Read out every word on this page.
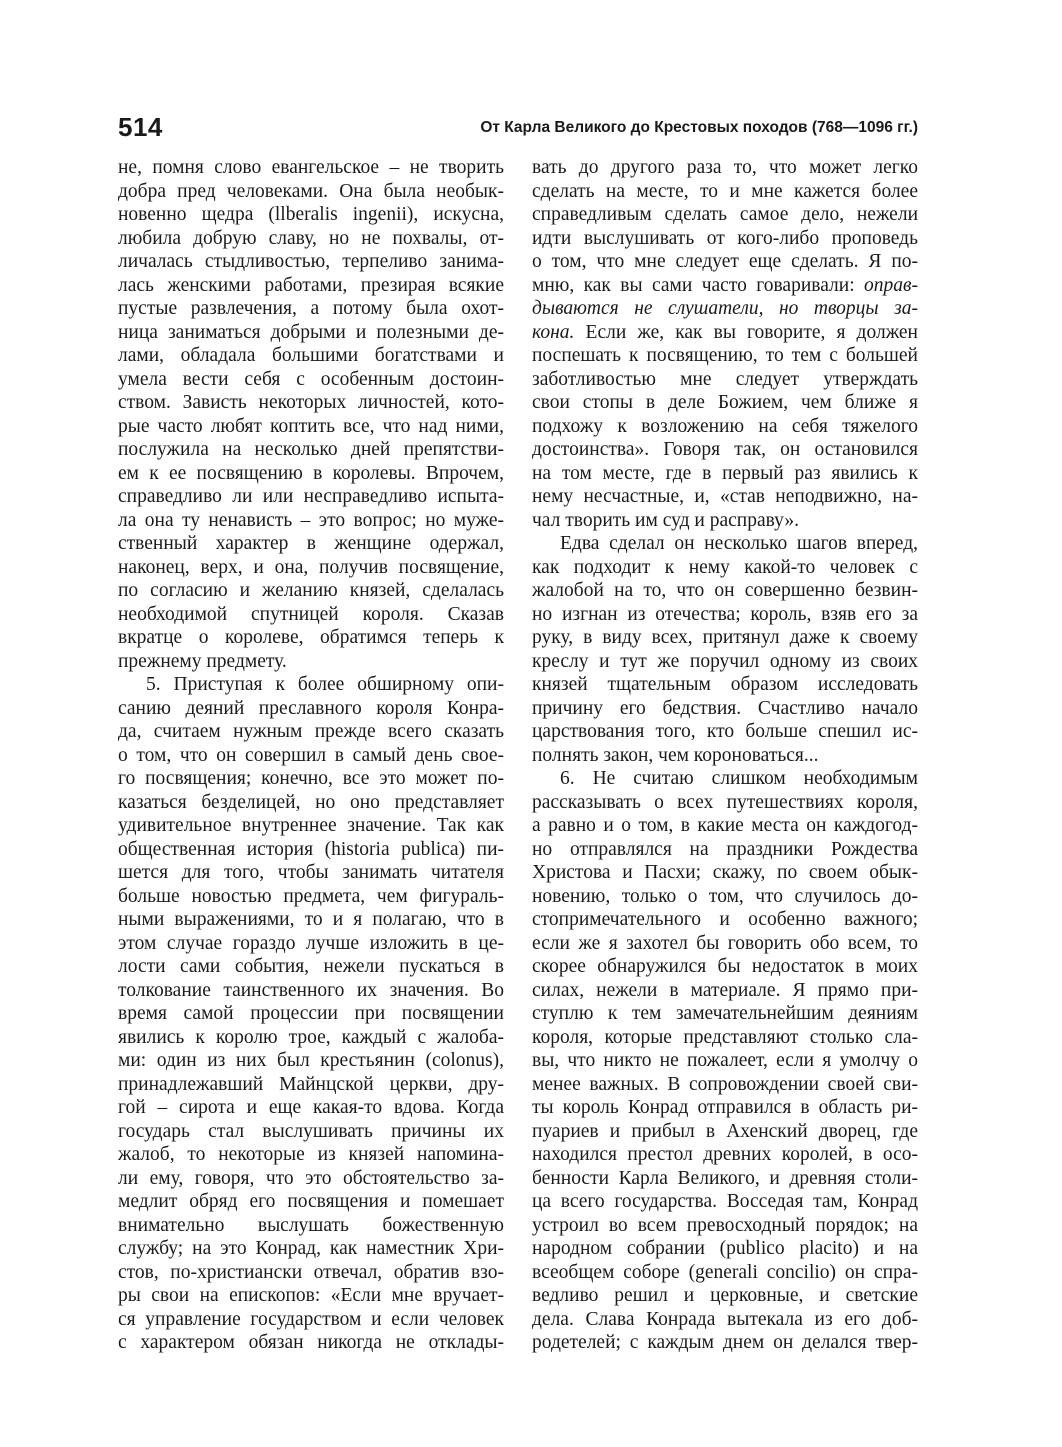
514	От Карла Великого до Крестовых походов (768—1096 гг.)
не, помня слово евангельское – не творить
добра пред человеками. Она была необык-
новенно щедра (llberalis ingenii), искусна,
любила добрую славу, но не похвалы, от-
личалась стыдливостью, терпеливо занима-
лась женскими работами, презирая всякие
пустые развлечения, а потому была охот-
ница заниматься добрыми и полезными де-
лами, обладала большими богатствами и
умела вести себя с особенным достоин-
ством. Зависть некоторых личностей, кото-
рые часто любят коптить все, что над ними,
послужила на несколько дней препятстви-
ем к ее посвящению в королевы. Впрочем,
справедливо ли или несправедливо испыта-
ла она ту ненависть – это вопрос; но муже-
ственный характер в женщине одержал,
наконец, верх, и она, получив посвящение,
по согласию и желанию князей, сделалась
необходимой спутницей короля. Сказав
вкратце о королеве, обратимся теперь к
прежнему предмету.
5. Приступая к более обширному опи-
санию деяний преславного короля Конра-
да, считаем нужным прежде всего сказать
о том, что он совершил в самый день свое-
го посвящения; конечно, все это может по-
казаться безделицей, но оно представляет
удивительное внутреннее значение. Так как
общественная история (historia publica) пи-
шется для того, чтобы занимать читателя
больше новостью предмета, чем фигураль-
ными выражениями, то и я полагаю, что в
этом случае гораздо лучше изложить в це-
лости сами события, нежели пускаться в
толкование таинственного их значения. Во
время самой процессии при посвящении
явились к королю трое, каждый с жалоба-
ми: один из них был крестьянин (colonus),
принадлежавший Майнцской церкви, дру-
гой – сирота и еще какая-то вдова. Когда
государь стал выслушивать причины их
жалоб, то некоторые из князей напомина-
ли ему, говоря, что это обстоятельство за-
медлит обряд его посвящения и помешает
внимательно выслушать божественную
службу; на это Конрад, как наместник Хри-
стов, по-христиански отвечал, обратив взо-
ры свои на епископов: «Если мне вручает-
ся управление государством и если человек
с характером обязан никогда не отклады-
вать до другого раза то, что может легко
сделать на месте, то и мне кажется более
справедливым сделать самое дело, нежели
идти выслушивать от кого-либо проповедь
о том, что мне следует еще сделать. Я по-
мню, как вы сами часто говаривали: оправ-
дываются не слушатели, но творцы за-
кона. Если же, как вы говорите, я должен
поспешать к посвящению, то тем с большей
заботливостью мне следует утверждать
свои стопы в деле Божием, чем ближе я
подхожу к возложению на себя тяжелого
достоинства». Говоря так, он остановился
на том месте, где в первый раз явились к
нему несчастные, и, «став неподвижно, на-
чал творить им суд и расправу».
Едва сделал он несколько шагов вперед,
как подходит к нему какой-то человек с
жалобой на то, что он совершенно безвин-
но изгнан из отечества; король, взяв его за
руку, в виду всех, притянул даже к своему
креслу и тут же поручил одному из своих
князей тщательным образом исследовать
причину его бедствия. Счастливо начало
царствования того, кто больше спешил ис-
полнять закон, чем короноваться...
6. Не считаю слишком необходимым
рассказывать о всех путешествиях короля,
а равно и о том, в какие места он каждогод-
но отправлялся на праздники Рождества
Христова и Пасхи; скажу, по своем обык-
новению, только о том, что случилось до-
стопримечательного и особенно важного;
если же я захотел бы говорить обо всем, то
скорее обнаружился бы недостаток в моих
силах, нежели в материале. Я прямо при-
ступлю к тем замечательнейшим деяниям
короля, которые представляют столько сла-
вы, что никто не пожалеет, если я умолчу о
менее важных. В сопровождении своей сви-
ты король Конрад отправился в область ри-
пуариев и прибыл в Ахенский дворец, где
находился престол древних королей, в осо-
бенности Карла Великого, и древняя столи-
ца всего государства. Восседая там, Конрад
устроил во всем превосходный порядок; на
народном собрании (publico placito) и на
всеобщем соборе (generali concilio) он спра-
ведливо решил и церковные, и светские
дела. Слава Конрада вытекала из его доб-
родетелей; с каждым днем он делался твер-
